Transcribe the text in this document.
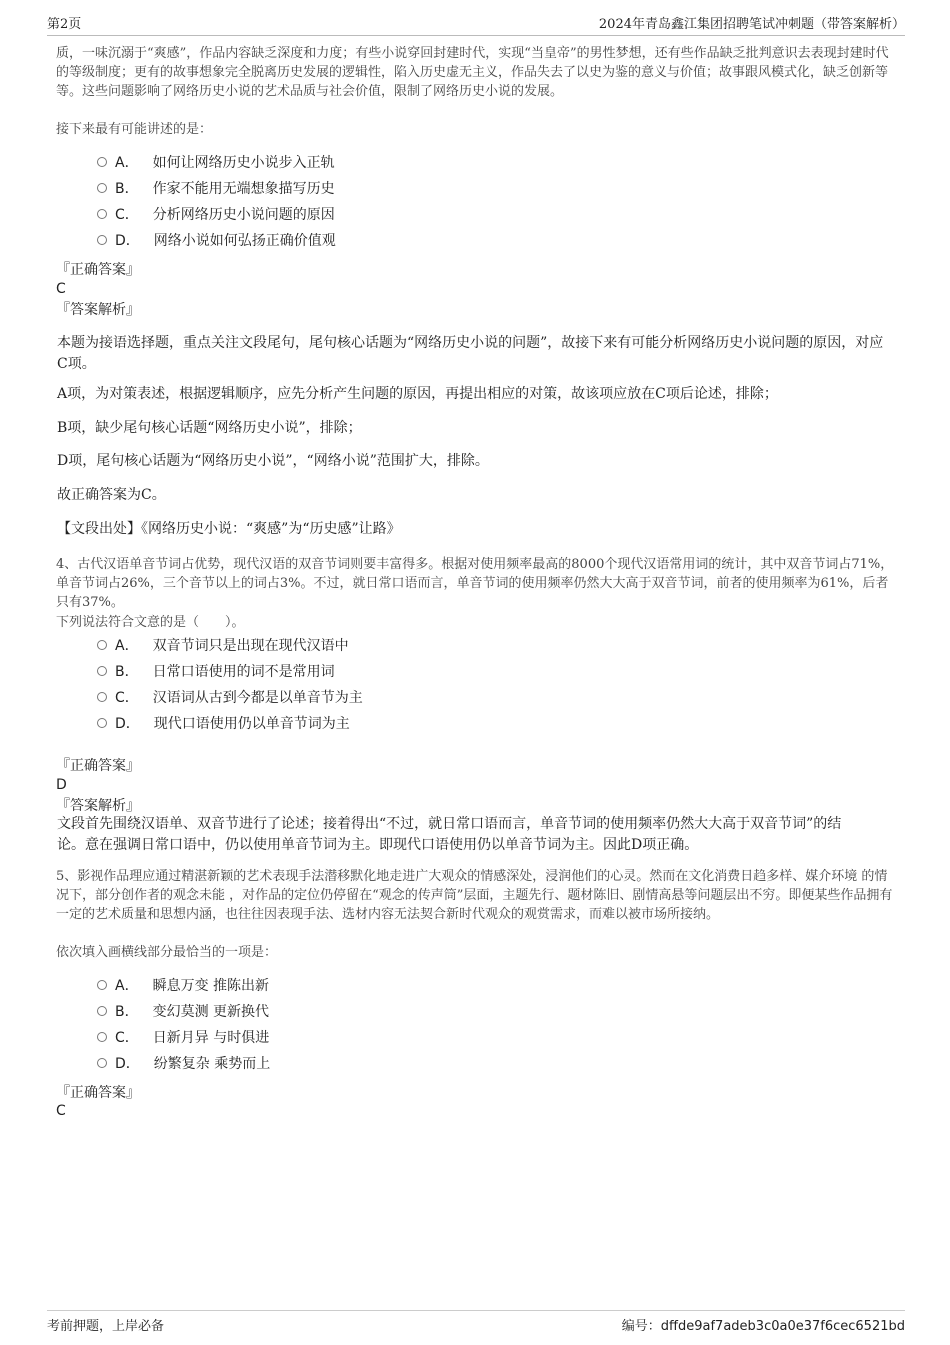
第2页	2024年青岛鑫江集团招聘笔试冲刺题（带答案解析）
质，一味沉溺于“爽感”，作品内容缺乏深度和力度；有些小说穿回封建时代，实现“当皇帝”的男性梦想，还有些作品缺乏批判意识去表现封建时代的等级制度；更有的故事想象完全脱离历史发展的逻辑性，陷入历史虚无主义，作品失去了以史为鉴的意义与价值；故事跟风模式化，缺乏创新等等。这些问题影响了网络历史小说的艺术品质与社会价值，限制了网络历史小说的发展。
接下来最有可能讲述的是：
A． 如何让网络历史小说步入正轨
B． 作家不能用无端想象描写历史
C． 分析网络历史小说问题的原因
D． 网络小说如何弘扬正确价值观
『正确答案』
C
『答案解析』
本题为接语选择题，重点关注文段尾句，尾句核心话题为“网络历史小说的问题”，故接下来有可能分析网络历史小说问题的原因，对应C项。
A项，为对策表述，根据逻辑顺序，应先分析产生问题的原因，再提出相应的对策，故该项应放在C项后论述，排除；
B项，缺少尾句核心话题“网络历史小说”，排除；
D项，尾句核心话题为“网络历史小说”，“网络小说”范围扩大，排除。
故正确答案为C。
【文段出处】《网络历史小说：“爽感”为“历史感”让路》
4、古代汉语单音节词占优势，现代汉语的双音节词则要丰富得多。根据对使用频率最高的8000个现代汉语常用词的统计，其中双音节词占71%，单音节词占26%，三个音节以上的词占3%。不过，就日常口语而言，单音节词的使用频率仍然大大高于双音节词，前者的使用频率为61%，后者只有37%。
下列说法符合文意的是（　　）。
A． 双音节词只是出现在现代汉语中
B． 日常口语使用的词不是常用词
C． 汉语词从古到今都是以单音节为主
D． 现代口语使用仍以单音节词为主
『正确答案』
D
『答案解析』
文段首先围绕汉语单、双音节进行了论述；接着得出“不过，就日常口语而言，单音节词的使用频率仍然大大高于双音节词”的结论。意在强调日常口语中，仍以使用单音节词为主。即现代口语使用仍以单音节词为主。因此D项正确。
5、影视作品理应通过精湛新颖的艺术表现手法潜移默化地走进广大观众的情感深处，浸润他们的心灵。然而在文化消费日趋多样、媒介环境 的情况下，部分创作者的观念未能 ，对作品的定位仍停留在“观念的传声筒”层面，主题先行、题材陈旧、剧情高悬等问题层出不穷。即便某些作品拥有一定的艺术质量和思想内涵，也往往因表现手法、选材内容无法契合新时代观众的观赏需求，而难以被市场所接纳。
依次填入画横线部分最恰当的一项是：
A． 瞬息万变 推陈出新
B． 变幻莫测 更新换代
C． 日新月异 与时俱进
D． 纷繁复杂 乘势而上
『正确答案』
C
考前押题，上岸必备	编号：dffde9af7adeb3c0a0e37f6cec6521bd
